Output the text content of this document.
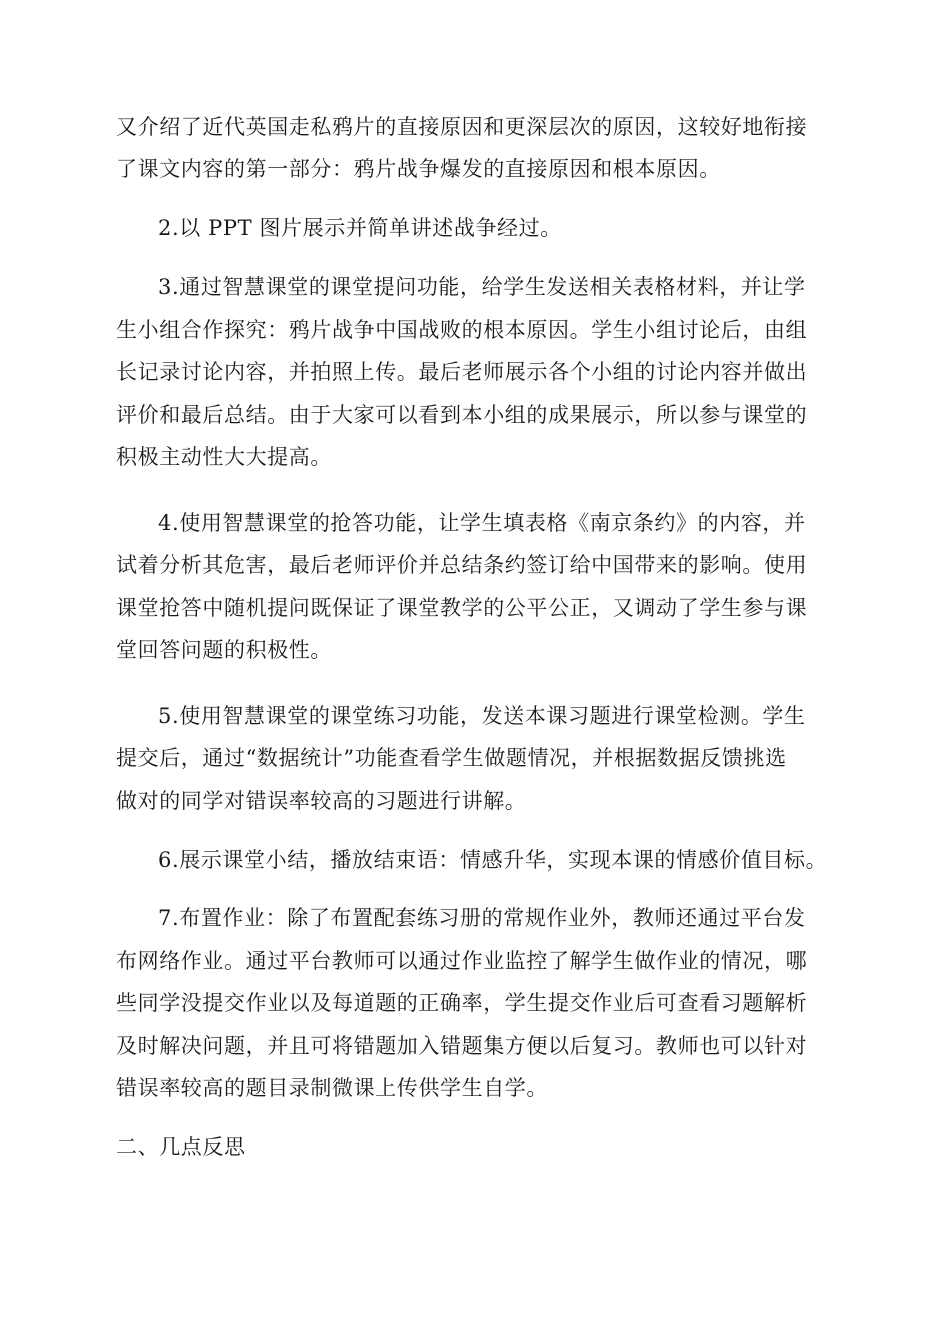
又介绍了近代英国走私鸦片的直接原因和更深层次的原因，这较好地衔接
了课文内容的第一部分：鸦片战争爆发的直接原因和根本原因。
2.以 PPT 图片展示并简单讲述战争经过。
3.通过智慧课堂的课堂提问功能，给学生发送相关表格材料，并让学
生小组合作探究：鸦片战争中国战败的根本原因。学生小组讨论后，由组
长记录讨论内容，并拍照上传。最后老师展示各个小组的讨论内容并做出
评价和最后总结。由于大家可以看到本小组的成果展示，所以参与课堂的
积极主动性大大提高。
4.使用智慧课堂的抢答功能，让学生填表格《南京条约》的内容，并
试着分析其危害，最后老师评价并总结条约签订给中国带来的影响。使用
课堂抢答中随机提问既保证了课堂教学的公平公正，又调动了学生参与课
堂回答问题的积极性。
5.使用智慧课堂的课堂练习功能，发送本课习题进行课堂检测。学生
提交后，通过“数据统计”功能查看学生做题情况，并根据数据反馈挑选
做对的同学对错误率较高的习题进行讲解。
6.展示课堂小结，播放结束语：情感升华，实现本课的情感价值目标。
7.布置作业：除了布置配套练习册的常规作业外，教师还通过平台发
布网络作业。通过平台教师可以通过作业监控了解学生做作业的情况，哪
些同学没提交作业以及每道题的正确率，学生提交作业后可查看习题解析
及时解决问题，并且可将错题加入错题集方便以后复习。教师也可以针对
错误率较高的题目录制微课上传供学生自学。
二、几点反思
